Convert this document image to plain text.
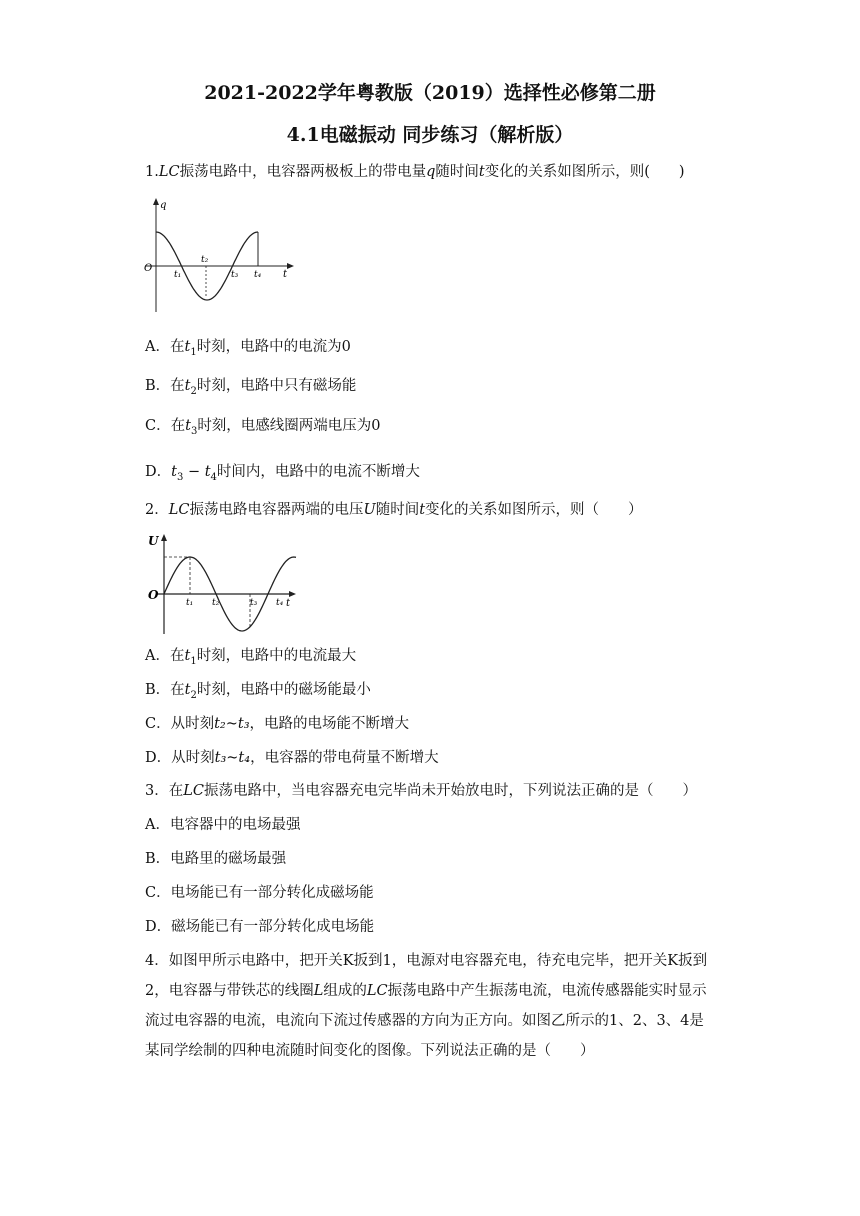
2021-2022学年粤教版（2019）选择性必修第二册
4.1电磁振动 同步练习（解析版）
1.LC振荡电路中，电容器两极板上的带电量q随时间t变化的关系如图所示，则(　　)
q
t
O
t₁
t₂
t₃ t₄
A．在$t_1$时刻，电路中的电流为0
B．在$t_2$时刻，电路中只有磁场能
C．在$t_3$时刻，电感线圈两端电压为0
D．$t_3 - t_4$时间内，电路中的电流不断增大
2．LC振荡电路电容器两端的电压U随时间t变化的关系如图所示，则（　　）
U
t
O
t₁ t₂	t₃ t₄
A．在$t_1$时刻，电路中的电流最大
B．在$t_2$时刻，电路中的磁场能最小
C．从时刻t₂~t₃，电路的电场能不断增大
D．从时刻t₃~t₄，电容器的带电荷量不断增大
3．在LC振荡电路中，当电容器充电完毕尚未开始放电时，下列说法正确的是（　　）
A．电容器中的电场最强
B．电路里的磁场最强
C．电场能已有一部分转化成磁场能
D．磁场能已有一部分转化成电场能
4．如图甲所示电路中，把开关K扳到1，电源对电容器充电，待充电完毕，把开关K扳到2，电容器与带铁芯的线圈L组成的LC振荡电路中产生振荡电流，电流传感器能实时显示流过电容器的电流，电流向下流过传感器的方向为正方向。如图乙所示的1、2、3、4是某同学绘制的四种电流随时间变化的图像。下列说法正确的是（　　）
